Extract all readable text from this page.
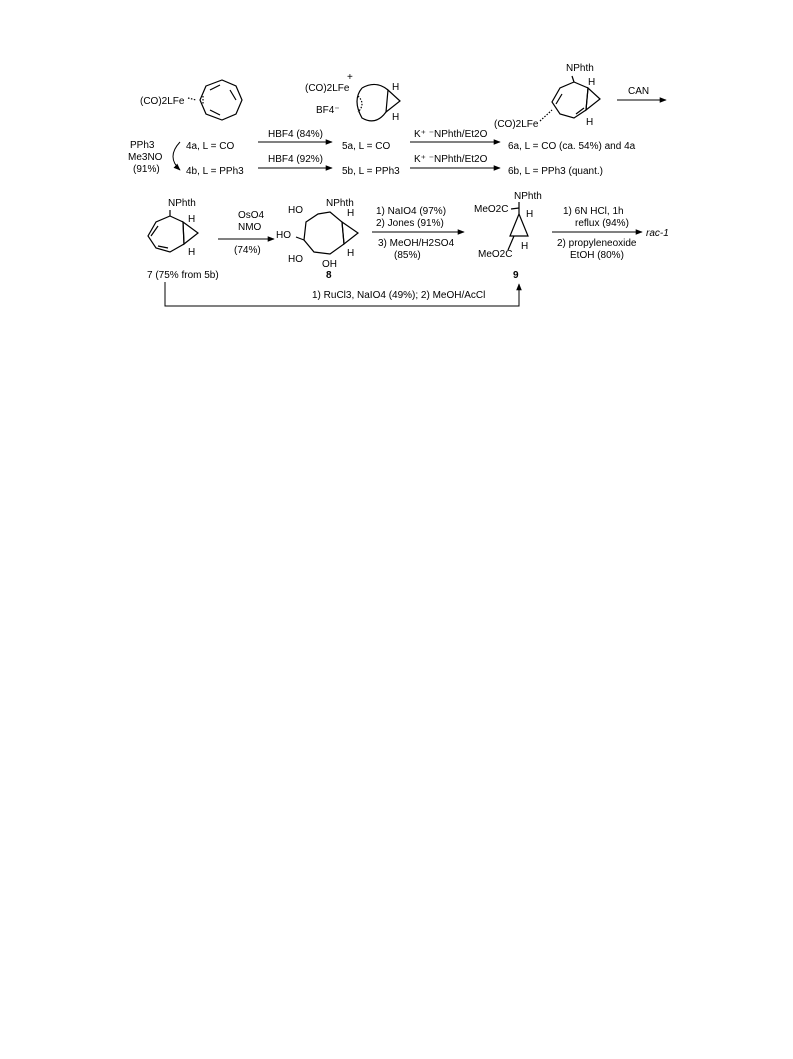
(CO)2LFe
(CO)2LFe
+
BF4⁻
H
H
NPhth
H
H
(CO)2LFe
CAN
PPh3
Me3NO
(91%)
4a, L = CO
4b, L = PPh3
HBF4 (84%)
HBF4 (92%)
5a, L = CO
5b, L = PPh3
K⁺ ⁻NPhth/Et2O
K⁺ ⁻NPhth/Et2O
6a, L = CO (ca. 54%) and 4a
6b, L = PPh3 (quant.)
NPhth
H
H
7 (75% from 5b)
OsO4
NMO
(74%)
NPhth
HO
HO
HO OH
H
H
8
1) NaIO4 (97%)
2) Jones (91%)
3) MeOH/H2SO4
(85%)
NPhth
MeO2C
MeO2C
H
H
9
1) 6N HCl, 1h
reflux (94%)
2) propyleneoxide
EtOH (80%)
rac-1
1) RuCl3, NaIO4 (49%); 2) MeOH/AcCl
